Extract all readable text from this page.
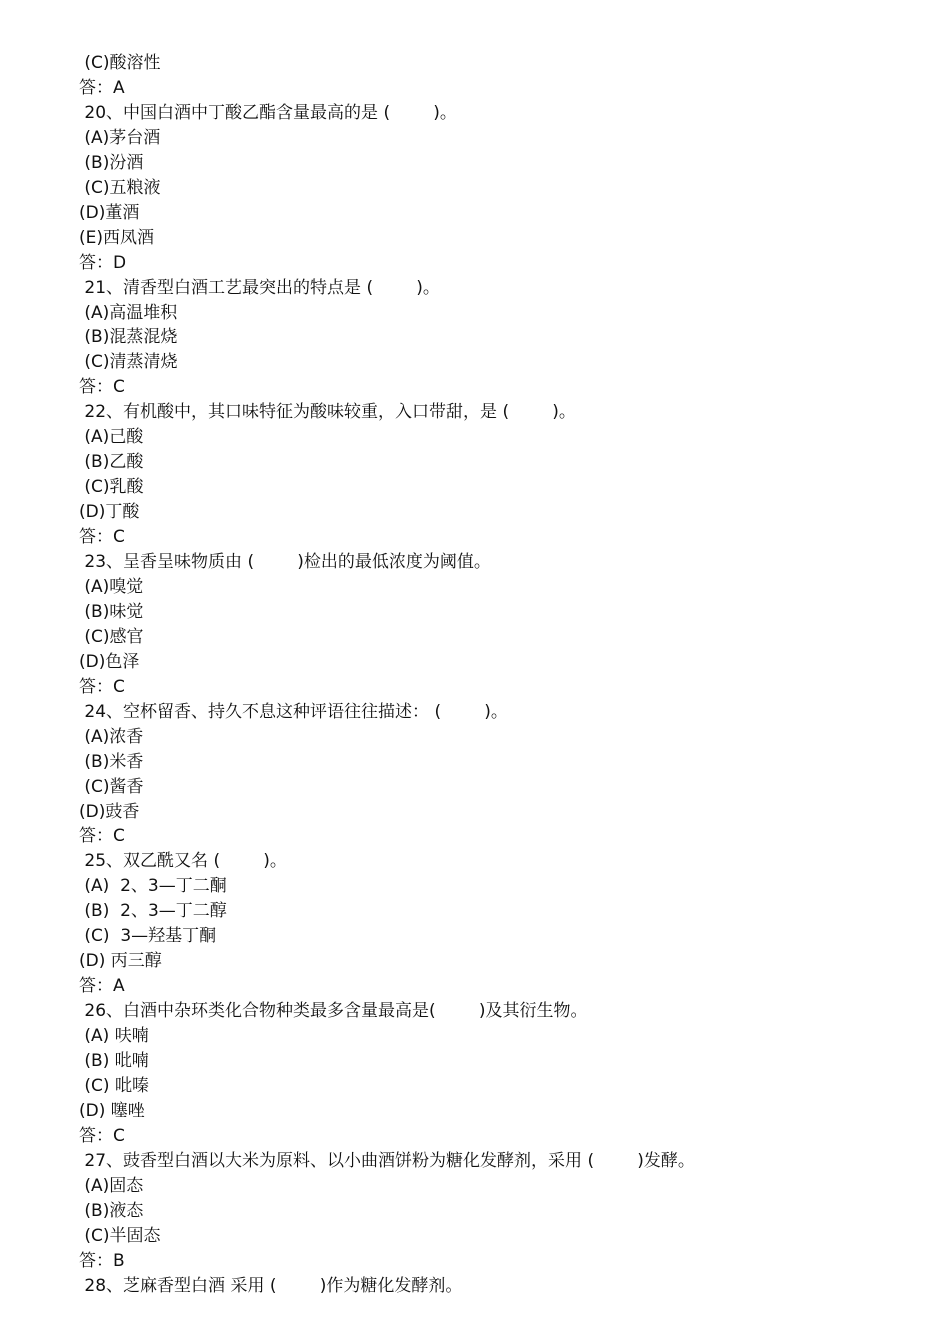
(C)酸溶性
答：A
20、中国白酒中丁酸乙酯含量最高的是 (        )。
(A)茅台酒
(B)汾酒
(C)五粮液
(D)董酒
(E)西凤酒
答：D
21、清香型白酒工艺最突出的特点是 (        )。
(A)高温堆积
(B)混蒸混烧
(C)清蒸清烧
答：C
22、有机酸中，其口味特征为酸味较重，入口带甜，是 (        )。
(A)己酸
(B)乙酸
(C)乳酸
(D)丁酸
答：C
23、呈香呈味物质由 (        )检出的最低浓度为阈值。
(A)嗅觉
(B)味觉
(C)感官
(D)色泽
答：C
24、空杯留香、持久不息这种评语往往描述： (        )。
(A)浓香
(B)米香
(C)酱香
(D)豉香
答：C
25、双乙酰又名 (        )。
(A)  2、3—丁二酮
(B)  2、3—丁二醇
(C)  3—羟基丁酮
(D) 丙三醇
答：A
26、白酒中杂环类化合物种类最多含量最高是(        )及其衍生物。
(A) 呋喃
(B) 吡喃
(C) 吡嗪
(D) 噻唑
答：C
27、豉香型白酒以大米为原料、以小曲酒饼粉为糖化发酵剂，采用 (        )发酵。
(A)固态
(B)液态
(C)半固态
答：B
28、芝麻香型白酒 采用 (        )作为糖化发酵剂。
